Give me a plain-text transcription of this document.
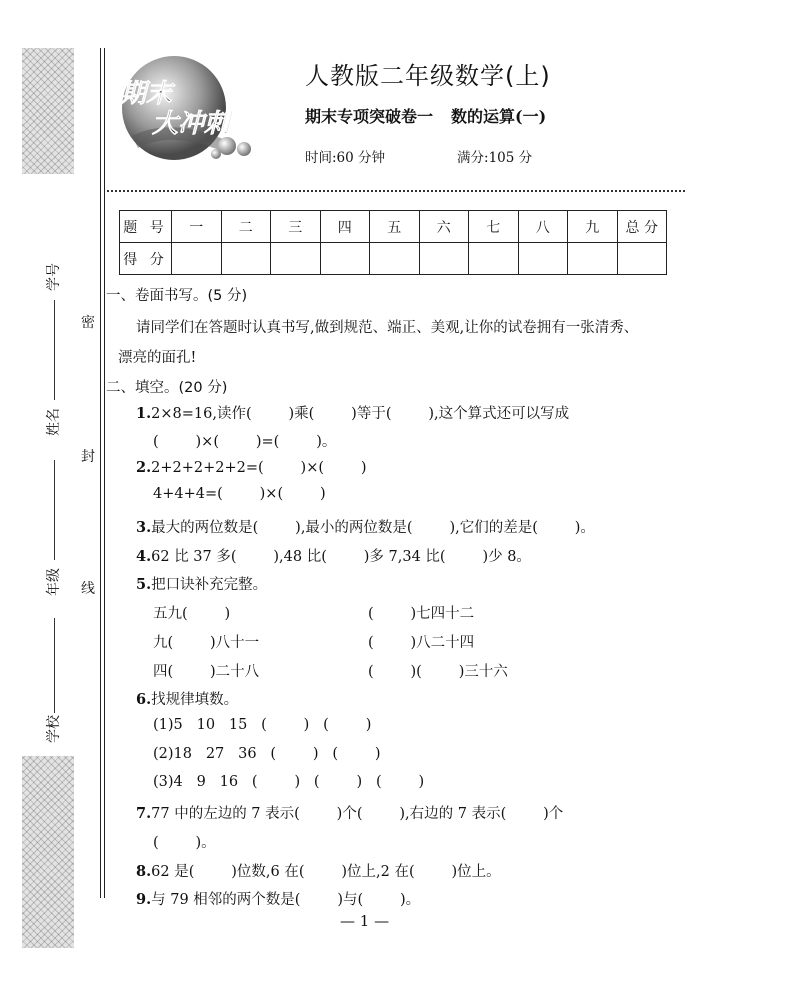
学号
姓名
年级
学校
密
封
线
期末
大冲刺
人教版二年级数学(上)
期末专项突破卷一 数的运算(一)
时间:60 分钟	满分:105 分
题 号	一	二	三	四	五	六	七	八	九	总 分
得 分										
一、卷面书写。(5 分)
请同学们在答题时认真书写,做到规范、端正、美观,让你的试卷拥有一张清秀、
漂亮的面孔!
二、填空。(20 分)
1.2×8=16,读作(        )乘(        )等于(        ),这个算式还可以写成
(        )×(        )=(        )。
2.2+2+2+2+2=(        )×(        )
4+4+4=(        )×(        )
3.最大的两位数是(        ),最小的两位数是(        ),它们的差是(        )。
4.62 比 37 多(        ),48 比(        )多 7,34 比(        )少 8。
5.把口诀补充完整。
五九(        )	(        )七四十二
九(        )八十一	(        )八二十四
四(        )二十八	(        )(        )三十六
6.找规律填数。
(1)5   10   15   (        )   (        )
(2)18   27   36   (        )   (        )
(3)4   9   16   (        )   (        )   (        )
7.77 中的左边的 7 表示(        )个(        ),右边的 7 表示(        )个
(        )。
8.62 是(        )位数,6 在(        )位上,2 在(        )位上。
9.与 79 相邻的两个数是(        )与(        )。
— 1 —
